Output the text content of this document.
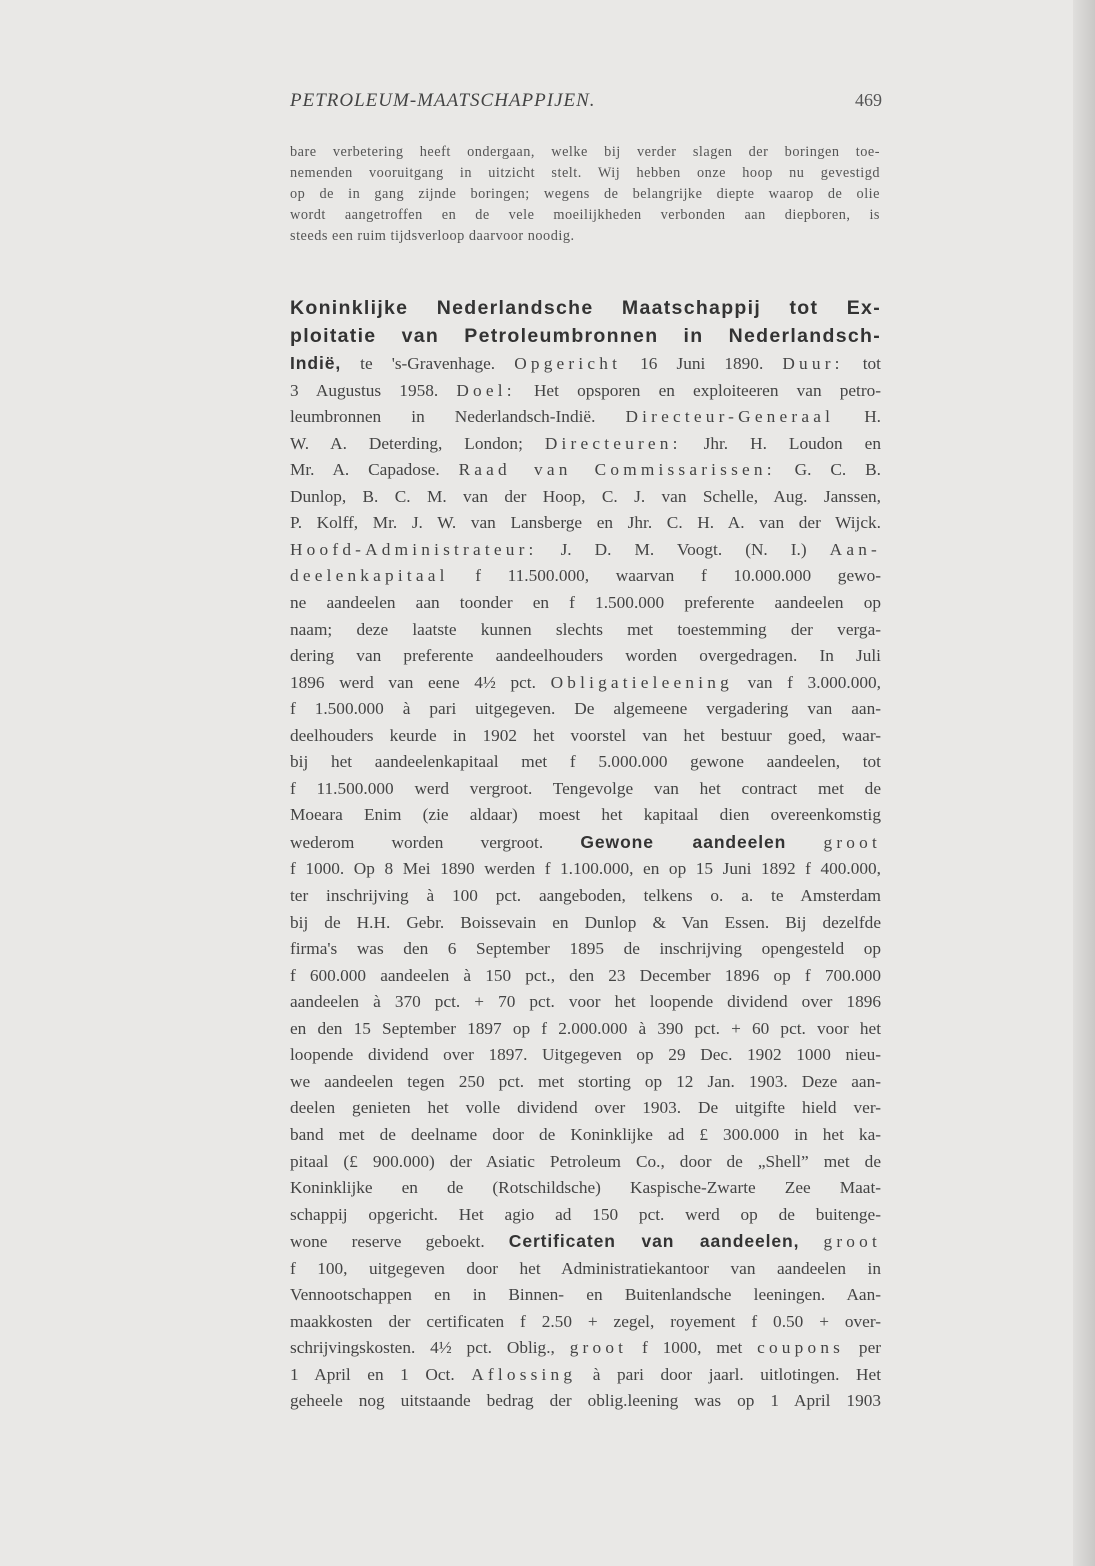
PETROLEUM-MAATSCHAPPIJEN.	469
bare verbetering heeft ondergaan, welke bij verder slagen der boringen toe-
nemenden vooruitgang in uitzicht stelt. Wij hebben onze hoop nu gevestigd
op de in gang zijnde boringen; wegens de belangrijke diepte waarop de olie
wordt aangetroffen en de vele moeilijkheden verbonden aan diepboren, is
steeds een ruim tijdsverloop daarvoor noodig.
Koninklijke Nederlandsche Maatschappij tot Ex-
ploitatie van Petroleumbronnen in Nederlandsch-
Indië, te 's-Gravenhage. Opgericht 16 Juni 1890. Duur: tot
3 Augustus 1958. Doel: Het opsporen en exploiteeren van petro-
leumbronnen in Nederlandsch-Indië. Directeur-Generaal H.
W. A. Deterding, London; Directeuren: Jhr. H. Loudon en
Mr. A. Capadose. Raad van Commissarissen: G. C. B.
Dunlop, B. C. M. van der Hoop, C. J. van Schelle, Aug. Janssen,
P. Kolff, Mr. J. W. van Lansberge en Jhr. C. H. A. van der Wijck.
Hoofd-Administrateur: J. D. M. Voogt. (N. I.) Aan-
deelenkapitaal f 11.500.000, waarvan f 10.000.000 gewo-
ne aandeelen aan toonder en f 1.500.000 preferente aandeelen op
naam; deze laatste kunnen slechts met toestemming der verga-
dering van preferente aandeelhouders worden overgedragen. In Juli
1896 werd van eene 4½ pct. Obligatieleening van f 3.000.000,
f 1.500.000 à pari uitgegeven. De algemeene vergadering van aan-
deelhouders keurde in 1902 het voorstel van het bestuur goed, waar-
bij het aandeelenkapitaal met f 5.000.000 gewone aandeelen, tot
f 11.500.000 werd vergroot. Tengevolge van het contract met de
Moeara Enim (zie aldaar) moest het kapitaal dien overeenkomstig
wederom worden vergroot. Gewone aandeelen groot
f 1000. Op 8 Mei 1890 werden f 1.100.000, en op 15 Juni 1892 f 400.000,
ter inschrijving à 100 pct. aangeboden, telkens o. a. te Amsterdam
bij de H.H. Gebr. Boissevain en Dunlop & Van Essen. Bij dezelfde
firma's was den 6 September 1895 de inschrijving opengesteld op
f 600.000 aandeelen à 150 pct., den 23 December 1896 op f 700.000
aandeelen à 370 pct. + 70 pct. voor het loopende dividend over 1896
en den 15 September 1897 op f 2.000.000 à 390 pct. + 60 pct. voor het
loopende dividend over 1897. Uitgegeven op 29 Dec. 1902 1000 nieu-
we aandeelen tegen 250 pct. met storting op 12 Jan. 1903. Deze aan-
deelen genieten het volle dividend over 1903. De uitgifte hield ver-
band met de deelname door de Koninklijke ad £ 300.000 in het ka-
pitaal (£ 900.000) der Asiatic Petroleum Co., door de „Shell” met de
Koninklijke en de (Rotschildsche) Kaspische-Zwarte Zee Maat-
schappij opgericht. Het agio ad 150 pct. werd op de buitenge-
wone reserve geboekt. Certificaten van aandeelen, groot
f 100, uitgegeven door het Administratiekantoor van aandeelen in
Vennootschappen en in Binnen- en Buitenlandsche leeningen. Aan-
maakkosten der certificaten f 2.50 + zegel, royement f 0.50 + over-
schrijvingskosten. 4½ pct. Oblig., groot f 1000, met coupons per
1 April en 1 Oct. Aflossing à pari door jaarl. uitlotingen. Het
geheele nog uitstaande bedrag der oblig.leening was op 1 April 1903
